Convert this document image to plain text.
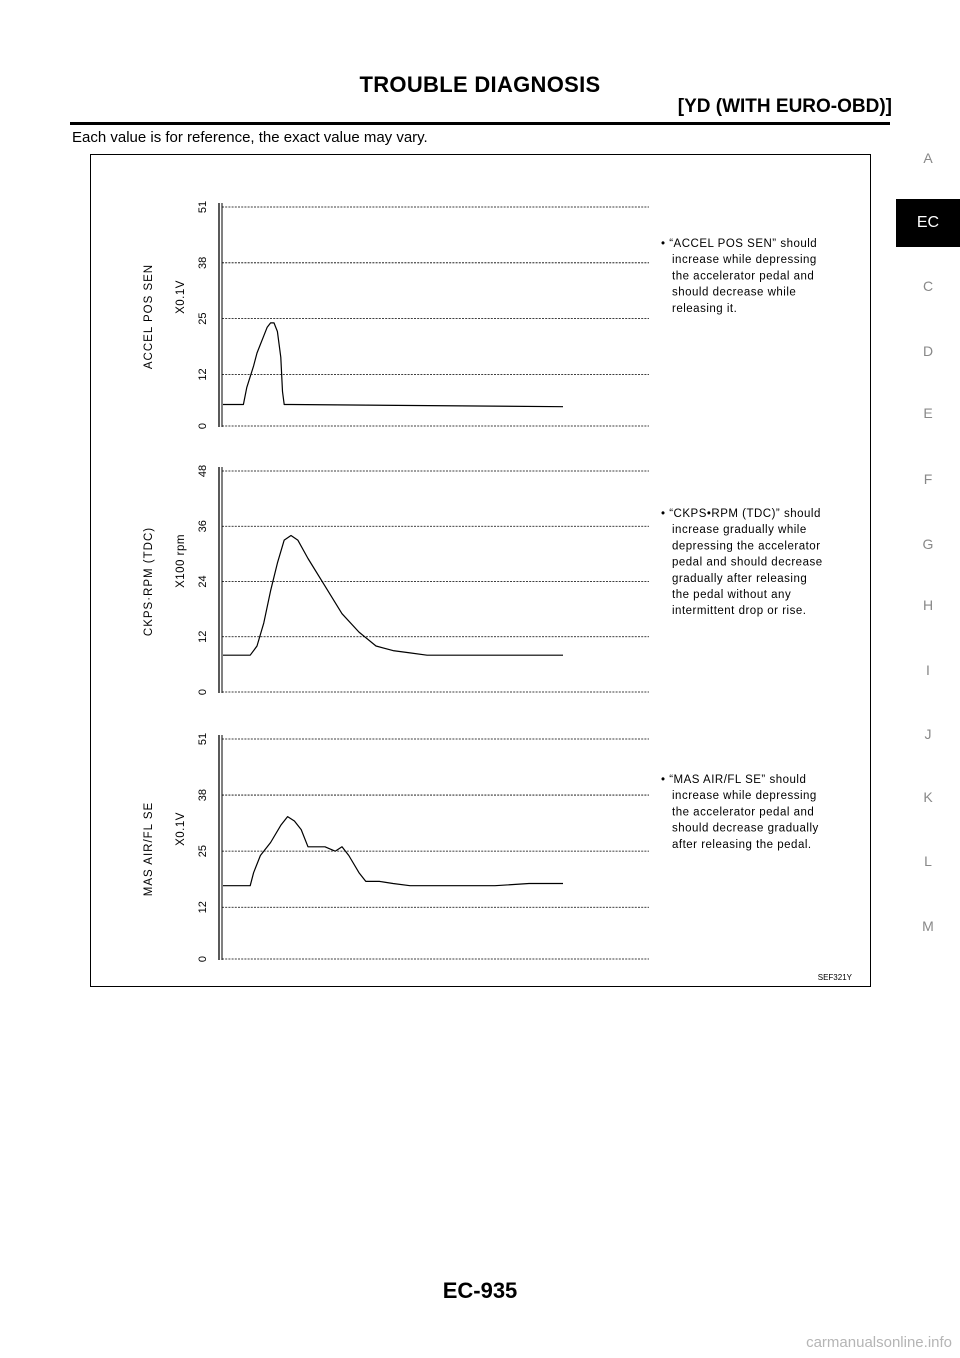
TROUBLE DIAGNOSIS
[YD (WITH EURO-OBD)]
Each value is for reference, the exact value may vary.
0
12
25
38
51
ACCEL POS SEN X0.1V
• “ACCEL POS SEN” should
increase while depressing
the accelerator pedal and
should decrease while
releasing it.
0
12
24
36
48
CKPS·RPM (TDC) X100 rpm
• “CKPS•RPM (TDC)” should
increase gradually while
depressing the accelerator
pedal and should decrease
gradually after releasing
the pedal without any
intermittent drop or rise.
0
12
25
38
51
MAS AIR/FL SE X0.1V
• “MAS AIR/FL SE” should
increase while depressing
the accelerator pedal and
should decrease gradually
after releasing the pedal.
SEF321Y
A
EC
C
D
E
F
G
H
I
J
K
L
M
EC-935
carmanualsonline.info
